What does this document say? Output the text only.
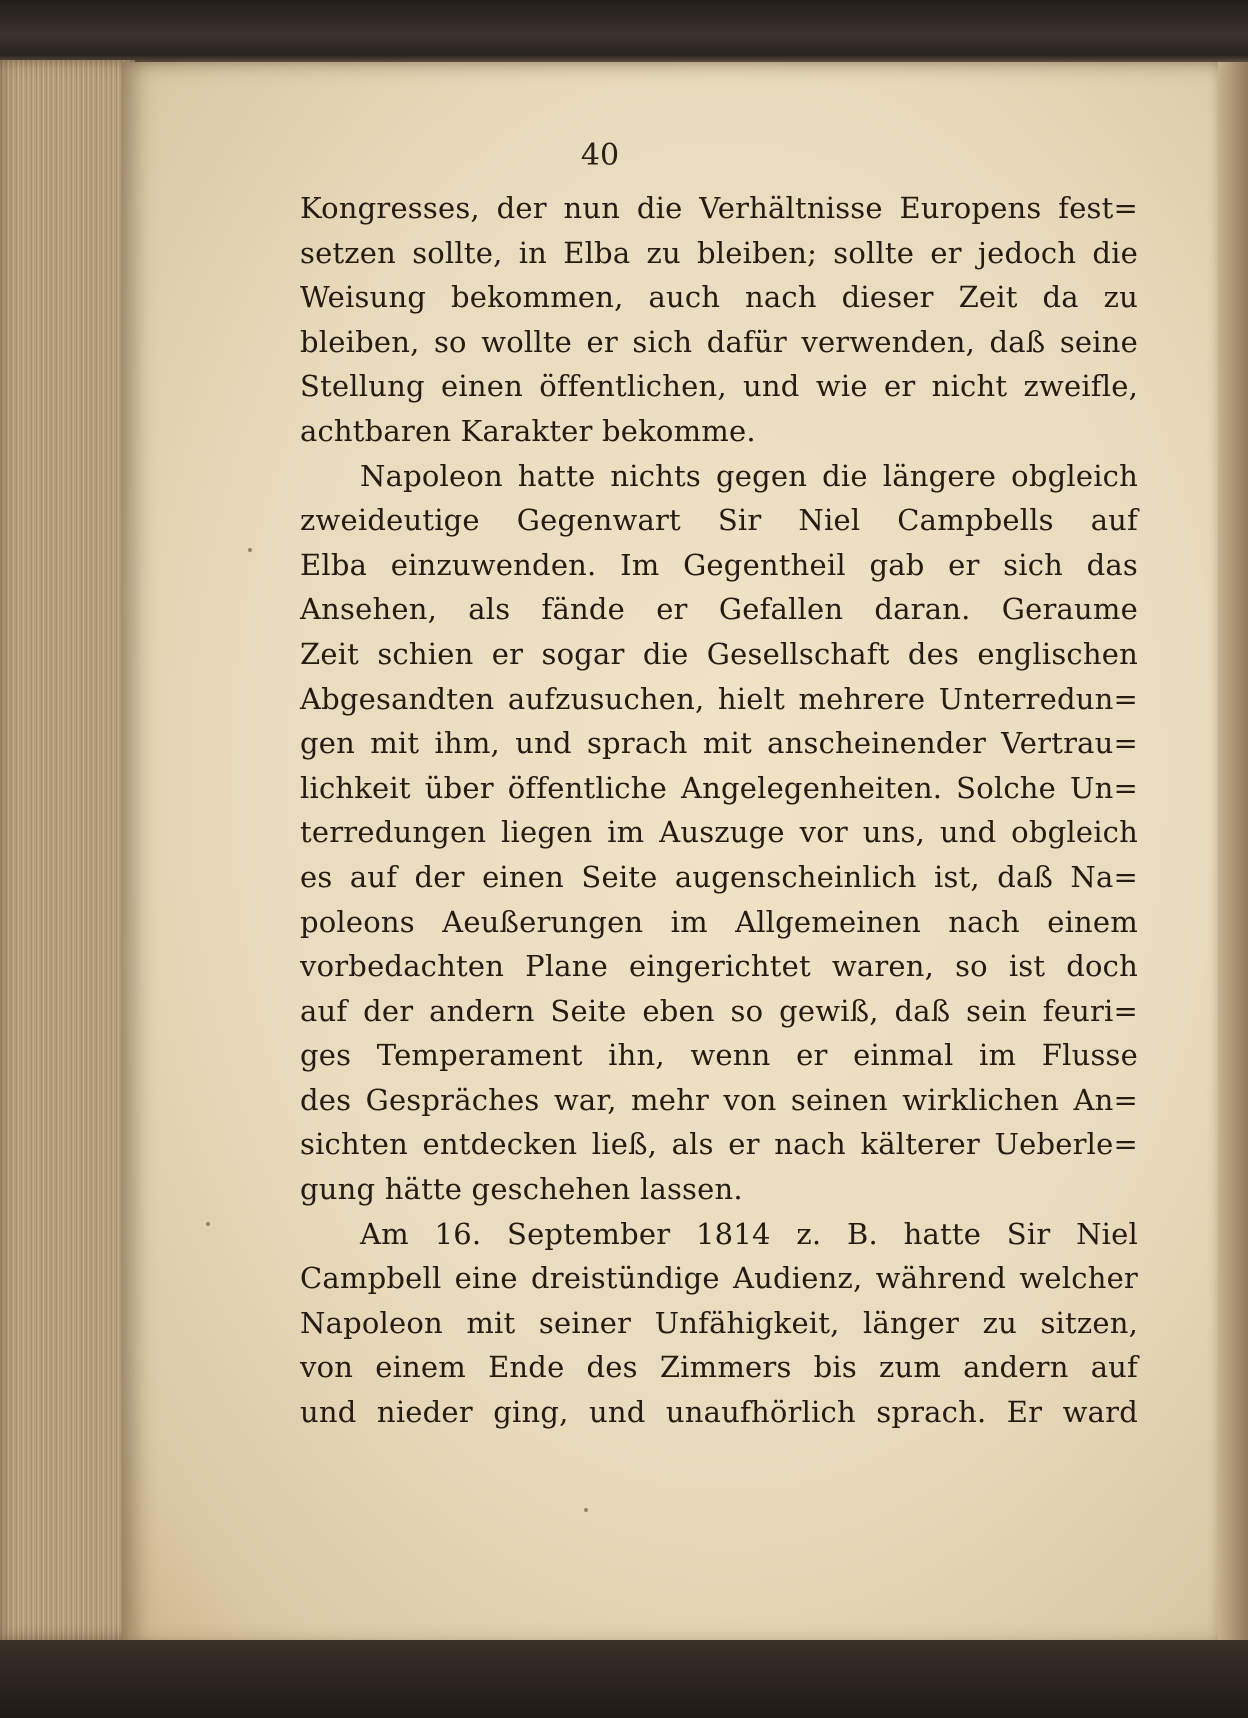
40
Kongresses, der nun die Verhältnisse Europens fest=
setzen sollte, in Elba zu bleiben; sollte er jedoch die
Weisung bekommen, auch nach dieser Zeit da zu
bleiben, so wollte er sich dafür verwenden, daß seine
Stellung einen öffentlichen, und wie er nicht zweifle,
achtbaren Karakter bekomme.
Napoleon hatte nichts gegen die längere obgleich
zweideutige Gegenwart Sir Niel Campbells auf
Elba einzuwenden. Im Gegentheil gab er sich das
Ansehen, als fände er Gefallen daran. Geraume
Zeit schien er sogar die Gesellschaft des englischen
Abgesandten aufzusuchen, hielt mehrere Unterredun=
gen mit ihm, und sprach mit anscheinender Vertrau=
lichkeit über öffentliche Angelegenheiten. Solche Un=
terredungen liegen im Auszuge vor uns, und obgleich
es auf der einen Seite augenscheinlich ist, daß Na=
poleons Aeußerungen im Allgemeinen nach einem
vorbedachten Plane eingerichtet waren, so ist doch
auf der andern Seite eben so gewiß, daß sein feuri=
ges Temperament ihn, wenn er einmal im Flusse
des Gespräches war, mehr von seinen wirklichen An=
sichten entdecken ließ, als er nach kälterer Ueberle=
gung hätte geschehen lassen.
Am 16. September 1814 z. B. hatte Sir Niel
Campbell eine dreistündige Audienz, während welcher
Napoleon mit seiner Unfähigkeit, länger zu sitzen,
von einem Ende des Zimmers bis zum andern auf
und nieder ging, und unaufhörlich sprach. Er ward
